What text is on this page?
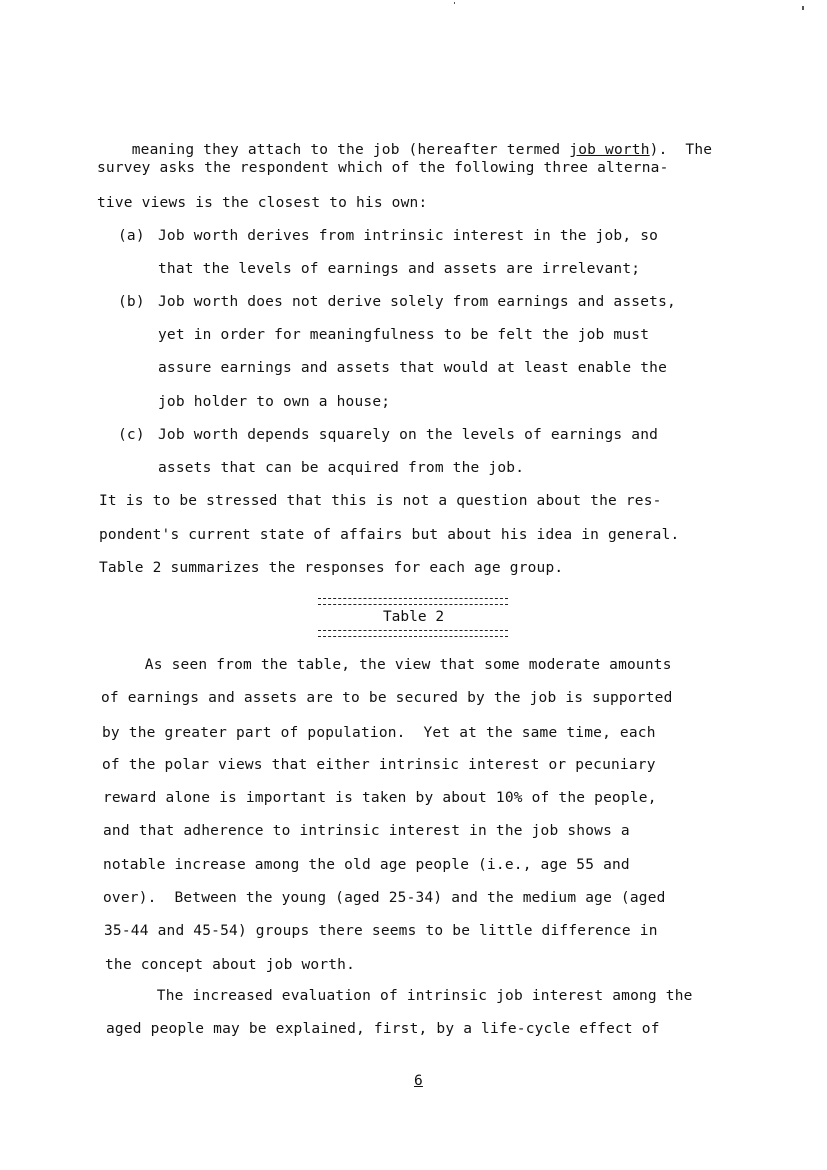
meaning they attach to the job (hereafter termed job worth).  The

survey asks the respondent which of the following three alterna-
tive views is the closest to his own:
(a) Job worth derives from intrinsic interest in the job, so
that the levels of earnings and assets are irrelevant;
(b) Job worth does not derive solely from earnings and assets,
yet in order for meaningfulness to be felt the job must
assure earnings and assets that would at least enable the
job holder to own a house;
(c) Job worth depends squarely on the levels of earnings and
assets that can be acquired from the job.
It is to be stressed that this is not a question about the res-
pondent's current state of affairs but about his idea in general.
Table 2 summarizes the responses for each age group.
Table 2
As seen from the table, the view that some moderate amounts
of earnings and assets are to be secured by the job is supported
by the greater part of population.  Yet at the same time, each
of the polar views that either intrinsic interest or pecuniary
reward alone is important is taken by about 10% of the people,
and that adherence to intrinsic interest in the job shows a
notable increase among the old age people (i.e., age 55 and
over).  Between the young (aged 25-34) and the medium age (aged
35-44 and 45-54) groups there seems to be little difference in
the concept about job worth.
The increased evaluation of intrinsic job interest among the
aged people may be explained, first, by a life-cycle effect of
6
